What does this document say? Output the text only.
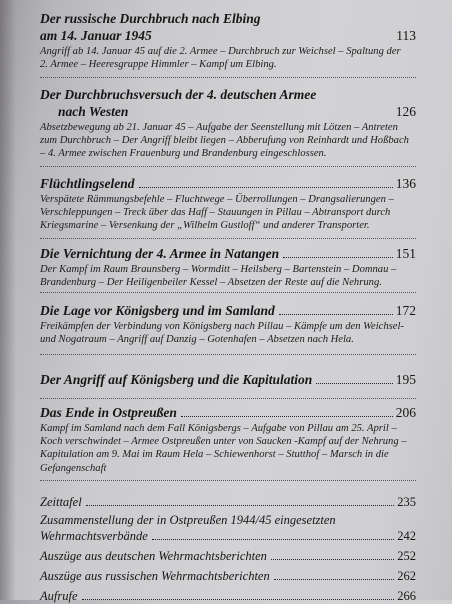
Der russische Durchbruch nach Elbing
am 14. Januar 1945	113
Angriff ab 14. Januar 45 auf die 2. Armee – Durchbruch zur Weichsel – Spaltung der
2. Armee – Heeresgruppe Himmler – Kampf um Elbing.
Der Durchbruchsversuch der 4. deutschen Armee
nach Westen	126
Absetzbewegung ab 21. Januar 45 – Aufgabe der Seenstellung mit Lötzen – Antreten
zum Durchbruch – Der Angriff bleibt liegen – Abberufung von Reinhardt und Hoßbach
– 4. Armee zwischen Frauenburg und Brandenburg eingeschlossen.
Flüchtlingselend	136
Verspätete Rämmungsbefehle – Fluchtwege – Überrollungen – Drangsalierungen –
Verschleppungen – Treck über das Haff – Stauungen in Pillau – Abtransport durch
Kriegsmarine – Versenkung der „Wilhelm Gustloff“ und anderer Transporter.
Die Vernichtung der 4. Armee in Natangen	151
Der Kampf im Raum Braunsberg – Wormditt – Heilsberg – Bartenstein – Domnau –
Brandenburg – Der Heiligenbeiler Kessel – Absetzen der Reste auf die Nehrung.
Die Lage vor Königsberg und im Samland	172
Freikämpfen der Verbindung von Königsberg nach Pillau – Kämpfe um den Weichsel-
und Nogatraum – Angriff auf Danzig – Gotenhafen – Absetzen nach Hela.
Der Angriff auf Königsberg und die Kapitulation	195
Das Ende in Ostpreußen	206
Kampf im Samland nach dem Fall Königsbergs – Aufgabe von Pillau am 25. April –
Koch verschwindet – Armee Ostpreußen unter von Saucken -Kampf auf der Nehrung –
Kapitulation am 9. Mai im Raum Hela – Schiewenhorst – Stutthof – Marsch in die
Gefangenschaft
Zeittafel	235
Zusammenstellung der in Ostpreußen 1944/45 eingesetzten
Wehrmachtsverbände	242
Auszüge aus deutschen Wehrmachtsberichten	252
Auszüge aus russischen Wehrmachtsberichten	262
Aufrufe	266
